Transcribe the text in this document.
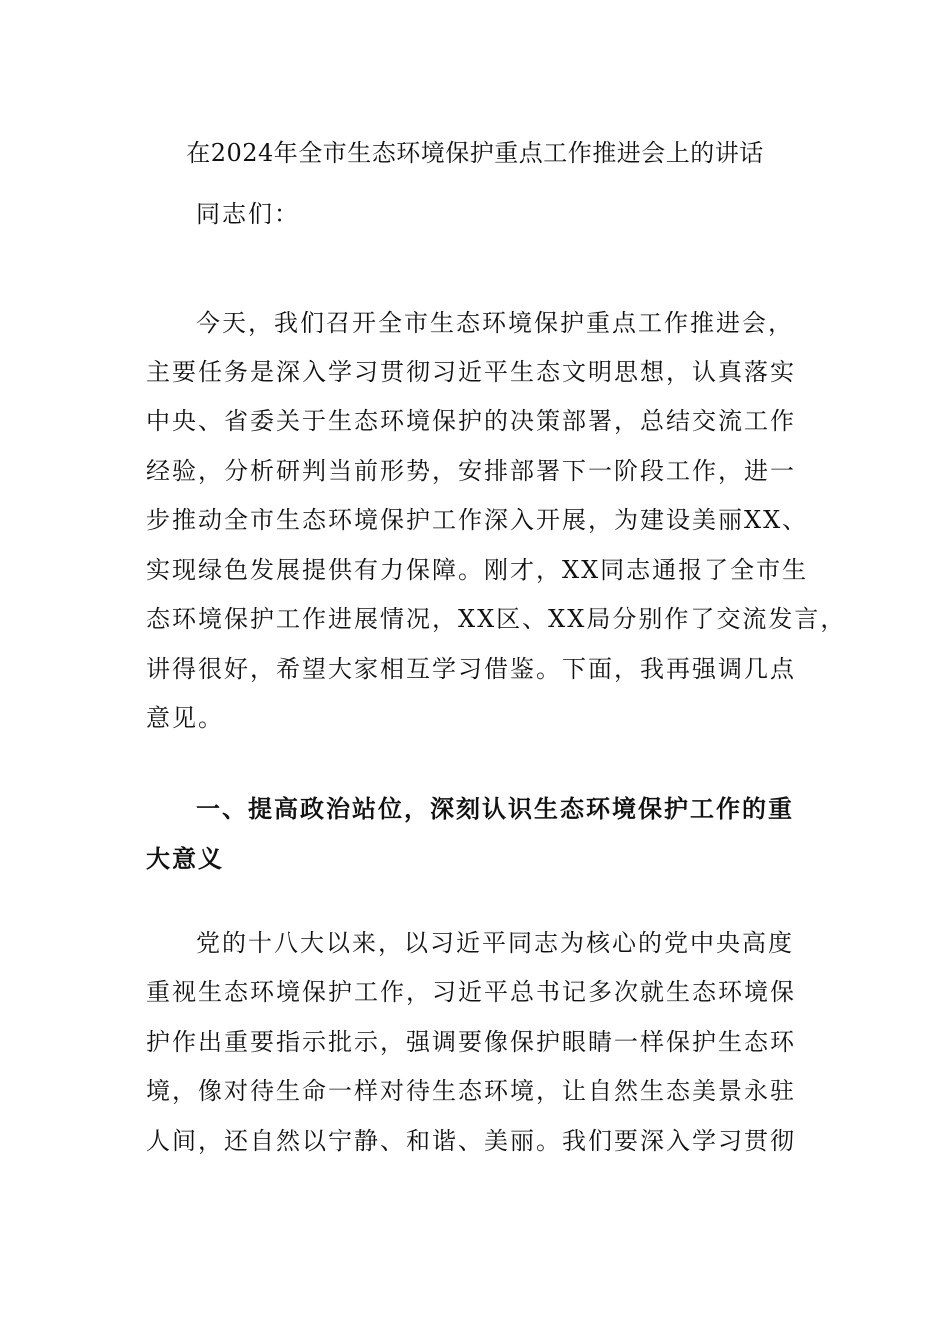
在2024年全市生态环境保护重点工作推进会上的讲话
同志们：
今天，我们召开全市生态环境保护重点工作推进会，
主要任务是深入学习贯彻习近平生态文明思想，认真落实
中央、省委关于生态环境保护的决策部署，总结交流工作
经验，分析研判当前形势，安排部署下一阶段工作，进一
步推动全市生态环境保护工作深入开展，为建设美丽XX、
实现绿色发展提供有力保障。刚才，XX同志通报了全市生
态环境保护工作进展情况，XX区、XX局分别作了交流发言，
讲得很好，希望大家相互学习借鉴。下面，我再强调几点
意见。
一、提高政治站位，深刻认识生态环境保护工作的重
大意义
党的十八大以来，以习近平同志为核心的党中央高度
重视生态环境保护工作，习近平总书记多次就生态环境保
护作出重要指示批示，强调要像保护眼睛一样保护生态环
境，像对待生命一样对待生态环境，让自然生态美景永驻
人间，还自然以宁静、和谐、美丽。我们要深入学习贯彻
